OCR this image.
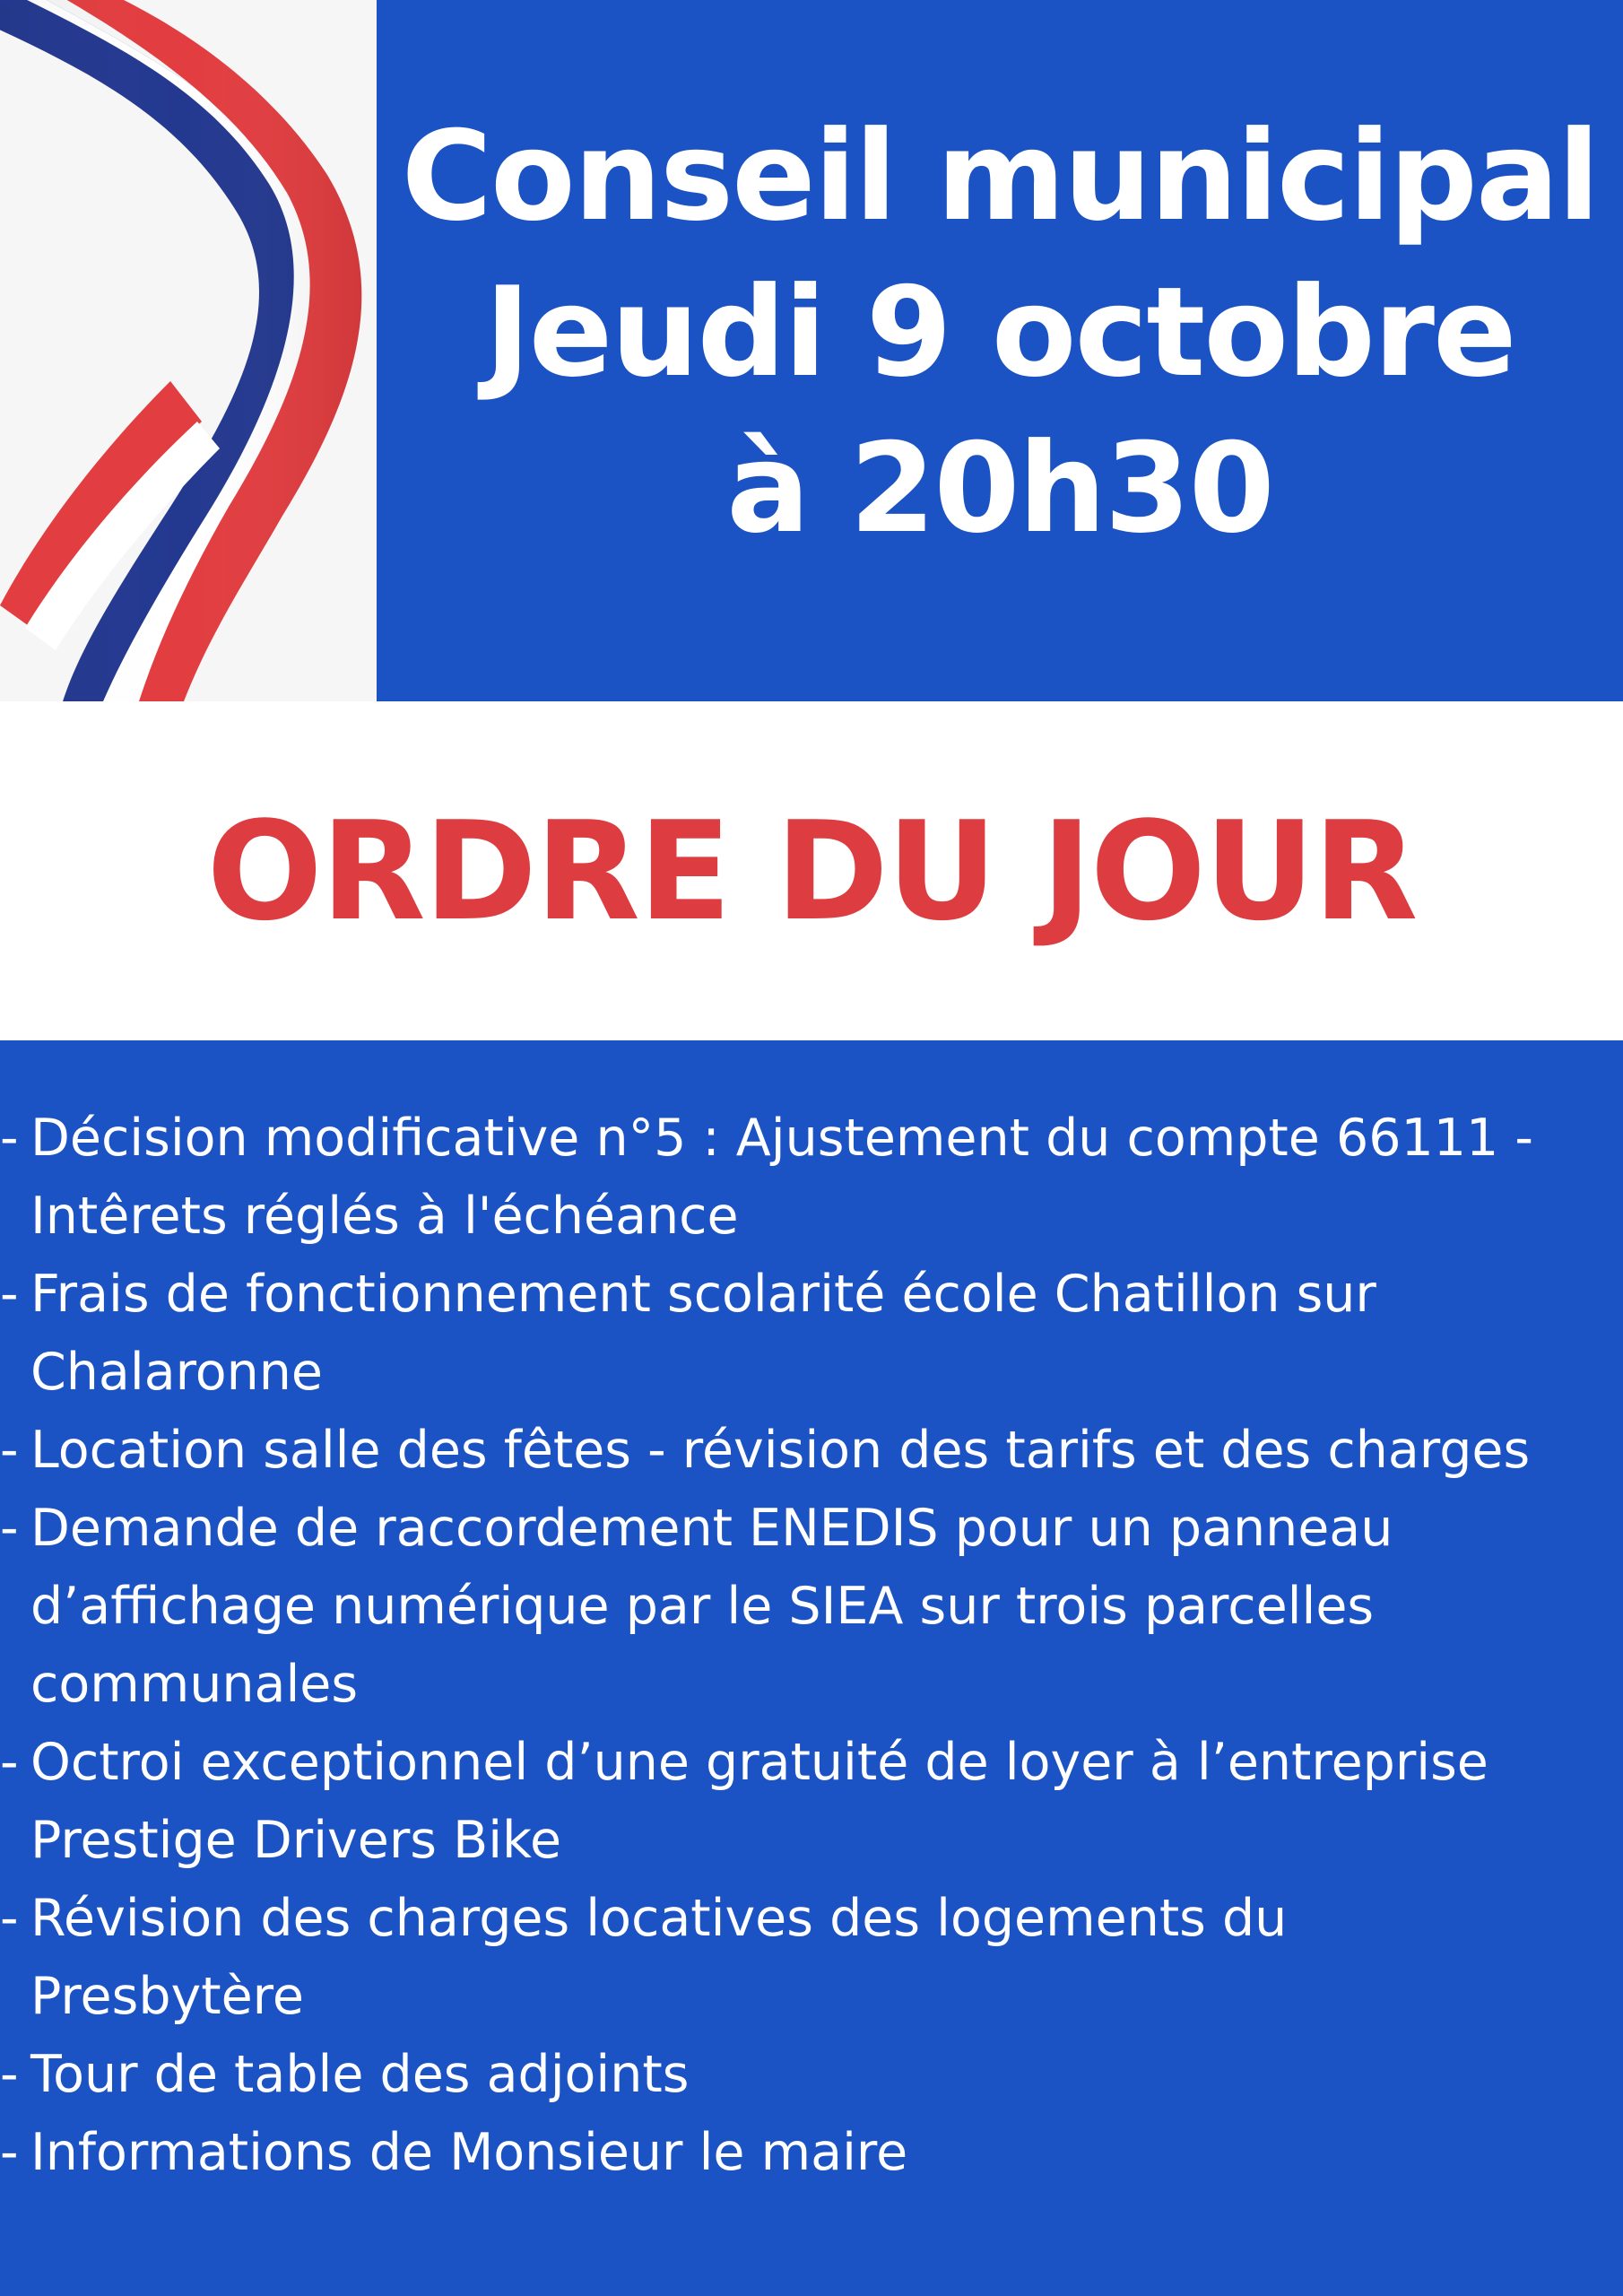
Conseil municipal
Jeudi 9 octobre
à 20h30
ORDRE DU JOUR
- Décision modificative n°5 : Ajustement du compte 66111 -
Intêrets réglés à l'échéance
- Frais de fonctionnement scolarité école Chatillon sur
Chalaronne
- Location salle des fêtes - révision des tarifs et des charges
- Demande de raccordement ENEDIS pour un panneau
d’affichage numérique par le SIEA sur trois parcelles
communales
- Octroi exceptionnel d’une gratuité de loyer à l’entreprise
Prestige Drivers Bike
- Révision des charges locatives des logements du
Presbytère
- Tour de table des adjoints
- Informations de Monsieur le maire
